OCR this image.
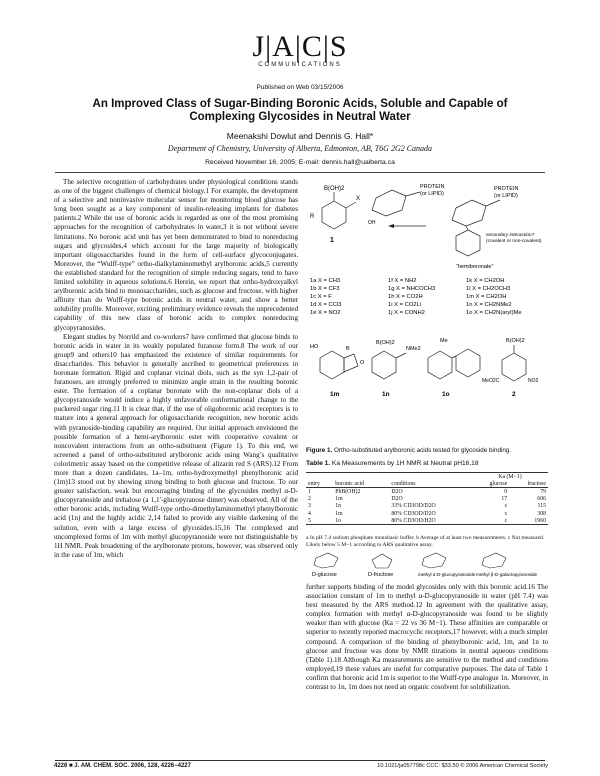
J|A|C|S
COMMUNICATIONS
Published on Web 03/15/2006
An Improved Class of Sugar-Binding Boronic Acids, Soluble and Capable of Complexing Glycosides in Neutral Water
Meenakshi Dowlut and Dennis G. Hall*
Department of Chemistry, University of Alberta, Edmonton, AB, T6G 2G2 Canada
Received November 16, 2005; E-mail: dennis.hall@ualberta.ca

The selective recognition of carbohydrates under physiological conditions stands as one of the biggest challenges of chemical biology.1 For example, the development of a selective and noninvasive molecular sensor for monitoring blood glucose has long been sought as a key component of insulin-releasing implants for diabetes patients.2 While the use of boronic acids is regarded as one of the most promising approaches for the recognition of carbohydrates in water,3 it is not without severe limitations. No boronic acid unit has yet been demonstrated to bind to nonreducing sugars and glycosides,4 which account for the large majority of biologically important oligosaccharides found in the form of cell-surface glycoconjugates. Moreover, the “Wulff-type” ortho-dialkylaminomethyl arylboronic acids,5 currently the established standard for the recognition of simple reducing sugars, tend to have limited solubility in aqueous solutions.6 Herein, we report that ortho-hydroxyalkyl arylboronic acids bind to monosaccharides, such as glucose and fructose, with higher affinity than do Wulff-type boronic acids in neutral water, and show a better solubility profile. Moreover, exciting preliminary evidence reveals the unprecedented capability of this new class of boronic acids to complex nonreducing glycopyranosides.

Elegant studies by Norrild and co-workers7 have confirmed that glucose binds to boronic acids in water in its weakly populated furanose form.8 The work of our group9 and others10 has emphasized the existence of similar requirements for disaccharides. This behavior is generally ascribed to geometrical preferences in boronate formation. Rigid and coplanar vicinal diols, such as the syn 1,2-pair of furanoses, are strongly preferred to minimize angle strain in the resulting boronic ester. The formation of a coplanar boronate with the non-coplanar diols of a glycopyranoside would induce a highly unfavorable conformational change to the puckered sugar ring.11 It is clear that, if the use of oligoboronic acid receptors is to mature into a general approach for oligosaccharide recognition, new boronic acids with pyranoside-binding capability are required. Our initial approach envisioned the possible formation of a hemi-arylboronic ester with cooperative covalent or noncovalent interactions from an ortho-substituent (Figure 1). To this end, we screened a panel of ortho-substituted arylboronic acids using Wang’s qualitative colorimetric assay based on the competitive release of alizarin red S (ARS).12 From more than a dozen candidates, 1a–1m, ortho-hydroxymethyl phenylboronic acid (1m)13 stood out by showing strong binding to both glucose and fructose. To our greater satisfaction, weak but encouraging binding of the glycosides methyl α-D-glucopyranoside and trehalose (a 1,1′-glucopyranose dimer) was observed. All of the other boronic acids, including Wulff-type ortho-dimethylaminomethyl phenylboronic acid (1n) and the highly acidic 2,14 failed to provide any visible darkening of the solution, even with a large excess of glycosides.15,16 The complexed and uncomplexed forms of 1m with methyl glucopyranoside were not distinguishable by 1H NMR. Peak broadening of the arylboronate protons, however, was observed only in the case of 1m, which

B(OH)2
R
X
1
PROTEIN
(or LIPID)
OH
PROTEIN
(or LIPID)
secondary interaction?
(covalent or non-covalent)
“hemiboronate”
1a X = CH3
1b X = CF3
1c X = F
1d X = CCl3
1e X = NO2
1f X = NH2
1g X = NHCOCH3
1h X = CO2H
1i X = CO2Li
1j X = CONH2
1k X = CH2OH
1l X = CH2OCH3
1m X = CH2OH
1n X = CH2NMe2
1o X = CH2N(aryl)Me
HO	B
O
1m
B(OH)2
NMe2
1n
Me
1o
B(OH)2
MeO2C	NO2
2
Figure 1. Ortho-substituted arylboronic acids tested for glycoside binding.
Table 1. Ka Measurements by 1H NMR at Neutral pH16,18
			Ka (M−1)	
entry	boronic acid	conditions	glucose	fructose
1	PhB(OH)2	D2O	0	79
2	1m	D2O	17	606
3	1n	33% CD3OD/D2O	c	115
4	1m	80% CD3OD/D2O	c	308
5	1o	80% CD3OD/H2O	c	1960
a In pH 7.4 sodium phosphate monobasic buffer. b Average of at least two measurements. c Not measured. Likely below 5 M−1 according to ARS qualitative assay.
D-glucose	D-fructose	methyl α-D-glucopyranoside methyl β-D-galactopyranoside

further supports binding of the model glycosides only with this boronic acid.16 The association constant of 1m to methyl α-D-glucopyranoside in water (pH 7.4) was best measured by the ARS method.12 In agreement with the qualitative assay, complex formation with methyl α-D-glucopyranoside was found to be slightly weaker than with glucose (Ka = 22 vs 36 M−1). These affinities are comparable or superior to recently reported macrocyclic receptors,17 however, with a much simpler compound. A comparison of the binding of phenylboronic acid, 1m, and 1n to glucose and fructose was done by NMR titrations in neutral aqueous conditions (Table 1).18 Although Ka measurements are sensitive to the method and conditions employed,19 these values are useful for comparative purposes. The data of Table 1 confirm that boronic acid 1m is superior to the Wulff-type analogue 1n. Moreover, in contrast to 1n, 1m does not need an organic cosolvent for solubilization.

4226 ■ J. AM. CHEM. SOC. 2006, 128, 4226−4227	10.1021/ja057798c CCC: $33.50 © 2006 American Chemical Society
